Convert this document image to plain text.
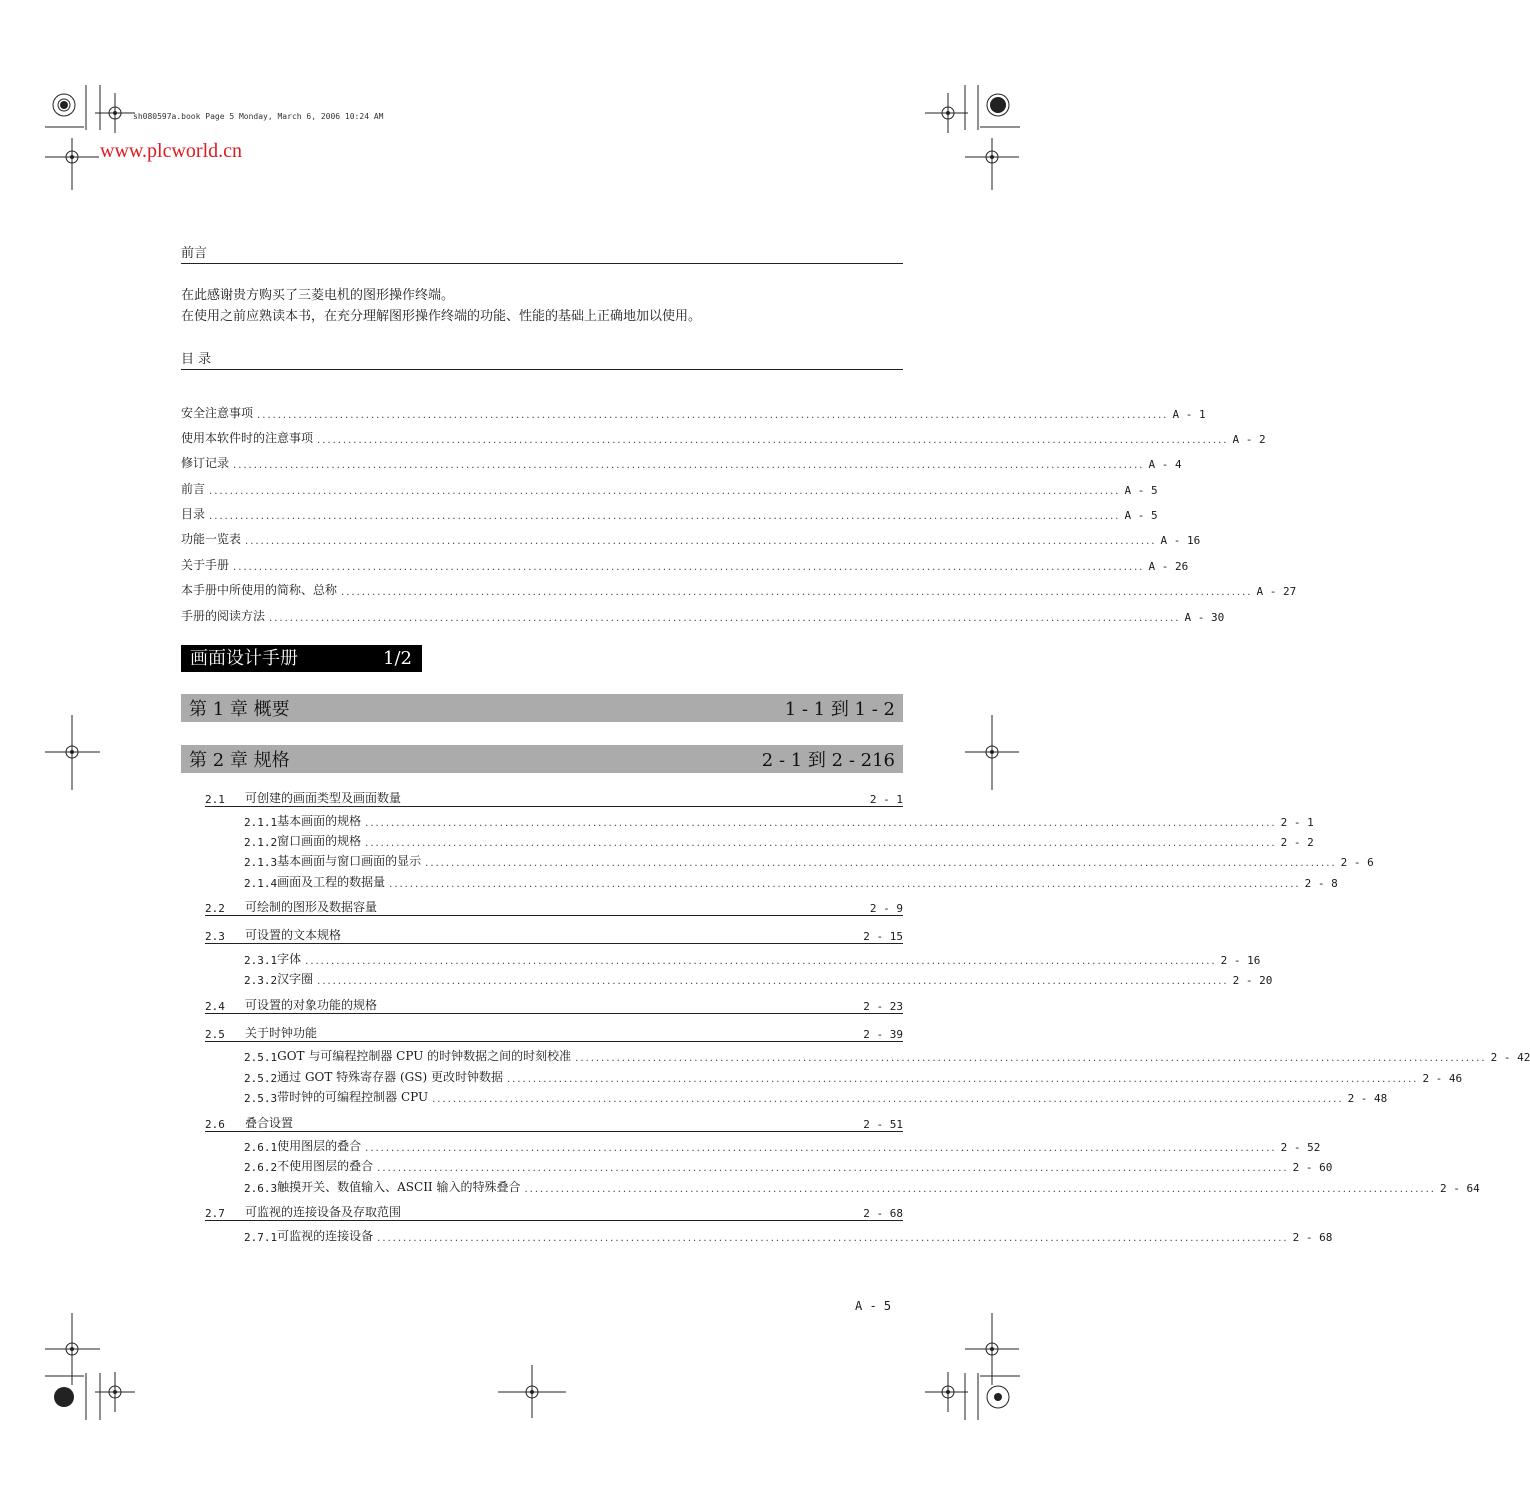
sh080597a.book Page 5 Monday, March 6, 2006 10:24 AM
www.plcworld.cn
前言
在此感谢贵方购买了三菱电机的图形操作终端。
在使用之前应熟读本书，在充分理解图形操作终端的功能、性能的基础上正确地加以使用。
目 录
安全注意事项 ................................................................................................................................................................................ A - 1
使用本软件时的注意事项 ................................................................................................................................................................................ A - 2
修订记录 ................................................................................................................................................................................ A - 4
前言 ................................................................................................................................................................................ A - 5
目录 ................................................................................................................................................................................ A - 5
功能一览表 ................................................................................................................................................................................ A - 16
关于手册 ................................................................................................................................................................................ A - 26
本手册中所使用的简称、总称 ................................................................................................................................................................................ A - 27
手册的阅读方法 ................................................................................................................................................................................ A - 30
画面设计手册	1/2
第 1 章 概要	1 - 1 到 1 - 2
第 2 章 规格	2 - 1 到 2 - 216
2.1	可创建的画面类型及画面数量	2 - 1
2.1.1 基本画面的规格 ................................................................................................................................................................................ 2 - 1
2.1.2 窗口画面的规格 ................................................................................................................................................................................ 2 - 2
2.1.3 基本画面与窗口画面的显示 ................................................................................................................................................................................ 2 - 6
2.1.4 画面及工程的数据量 ................................................................................................................................................................................ 2 - 8
2.2	可绘制的图形及数据容量	2 - 9
2.3	可设置的文本规格	2 - 15
2.3.1 字体 ................................................................................................................................................................................ 2 - 16
2.3.2 汉字圈 ................................................................................................................................................................................ 2 - 20
2.4	可设置的对象功能的规格	2 - 23
2.5	关于时钟功能	2 - 39
2.5.1 GOT 与可编程控制器 CPU 的时钟数据之间的时刻校准 ................................................................................................................................................................................ 2 - 42
2.5.2 通过 GOT 特殊寄存器 (GS) 更改时钟数据 ................................................................................................................................................................................ 2 - 46
2.5.3 带时钟的可编程控制器 CPU ................................................................................................................................................................................ 2 - 48
2.6	叠合设置	2 - 51
2.6.1 使用图层的叠合 ................................................................................................................................................................................ 2 - 52
2.6.2 不使用图层的叠合 ................................................................................................................................................................................ 2 - 60
2.6.3 触摸开关、数值输入、ASCII 输入的特殊叠合 ................................................................................................................................................................................ 2 - 64
2.7	可监视的连接设备及存取范围	2 - 68
2.7.1 可监视的连接设备 ................................................................................................................................................................................ 2 - 68
A - 5
